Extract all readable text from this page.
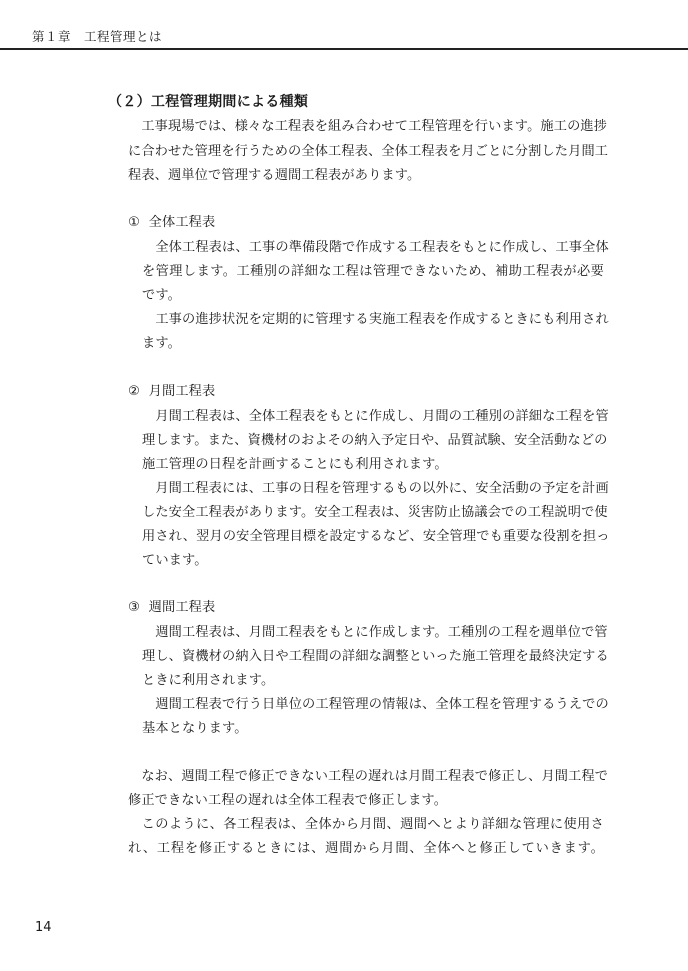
第１章　工程管理とは
（２）工程管理期間による種類
　工事現場では、様々な工程表を組み合わせて工程管理を行います。施工の進捗
に合わせた管理を行うための全体工程表、全体工程表を月ごとに分割した月間工
程表、週単位で管理する週間工程表があります。
①  全体工程表
　全体工程表は、工事の準備段階で作成する工程表をもとに作成し、工事全体
を管理します。工種別の詳細な工程は管理できないため、補助工程表が必要
です。
　工事の進捗状況を定期的に管理する実施工程表を作成するときにも利用され
ます。
②  月間工程表
　月間工程表は、全体工程表をもとに作成し、月間の工種別の詳細な工程を管
理します。また、資機材のおよその納入予定日や、品質試験、安全活動などの
施工管理の日程を計画することにも利用されます。
　月間工程表には、工事の日程を管理するもの以外に、安全活動の予定を計画
した安全工程表があります。安全工程表は、災害防止協議会での工程説明で使
用され、翌月の安全管理目標を設定するなど、安全管理でも重要な役割を担っ
ています。
③  週間工程表
　週間工程表は、月間工程表をもとに作成します。工種別の工程を週単位で管
理し、資機材の納入日や工程間の詳細な調整といった施工管理を最終決定する
ときに利用されます。
　週間工程表で行う日単位の工程管理の情報は、全体工程を管理するうえでの
基本となります。
　なお、週間工程で修正できない工程の遅れは月間工程表で修正し、月間工程で
修正できない工程の遅れは全体工程表で修正します。
　このように、各工程表は、全体から月間、週間へとより詳細な管理に使用さ
れ、工程を修正するときには、週間から月間、全体へと修正していきます。
14
